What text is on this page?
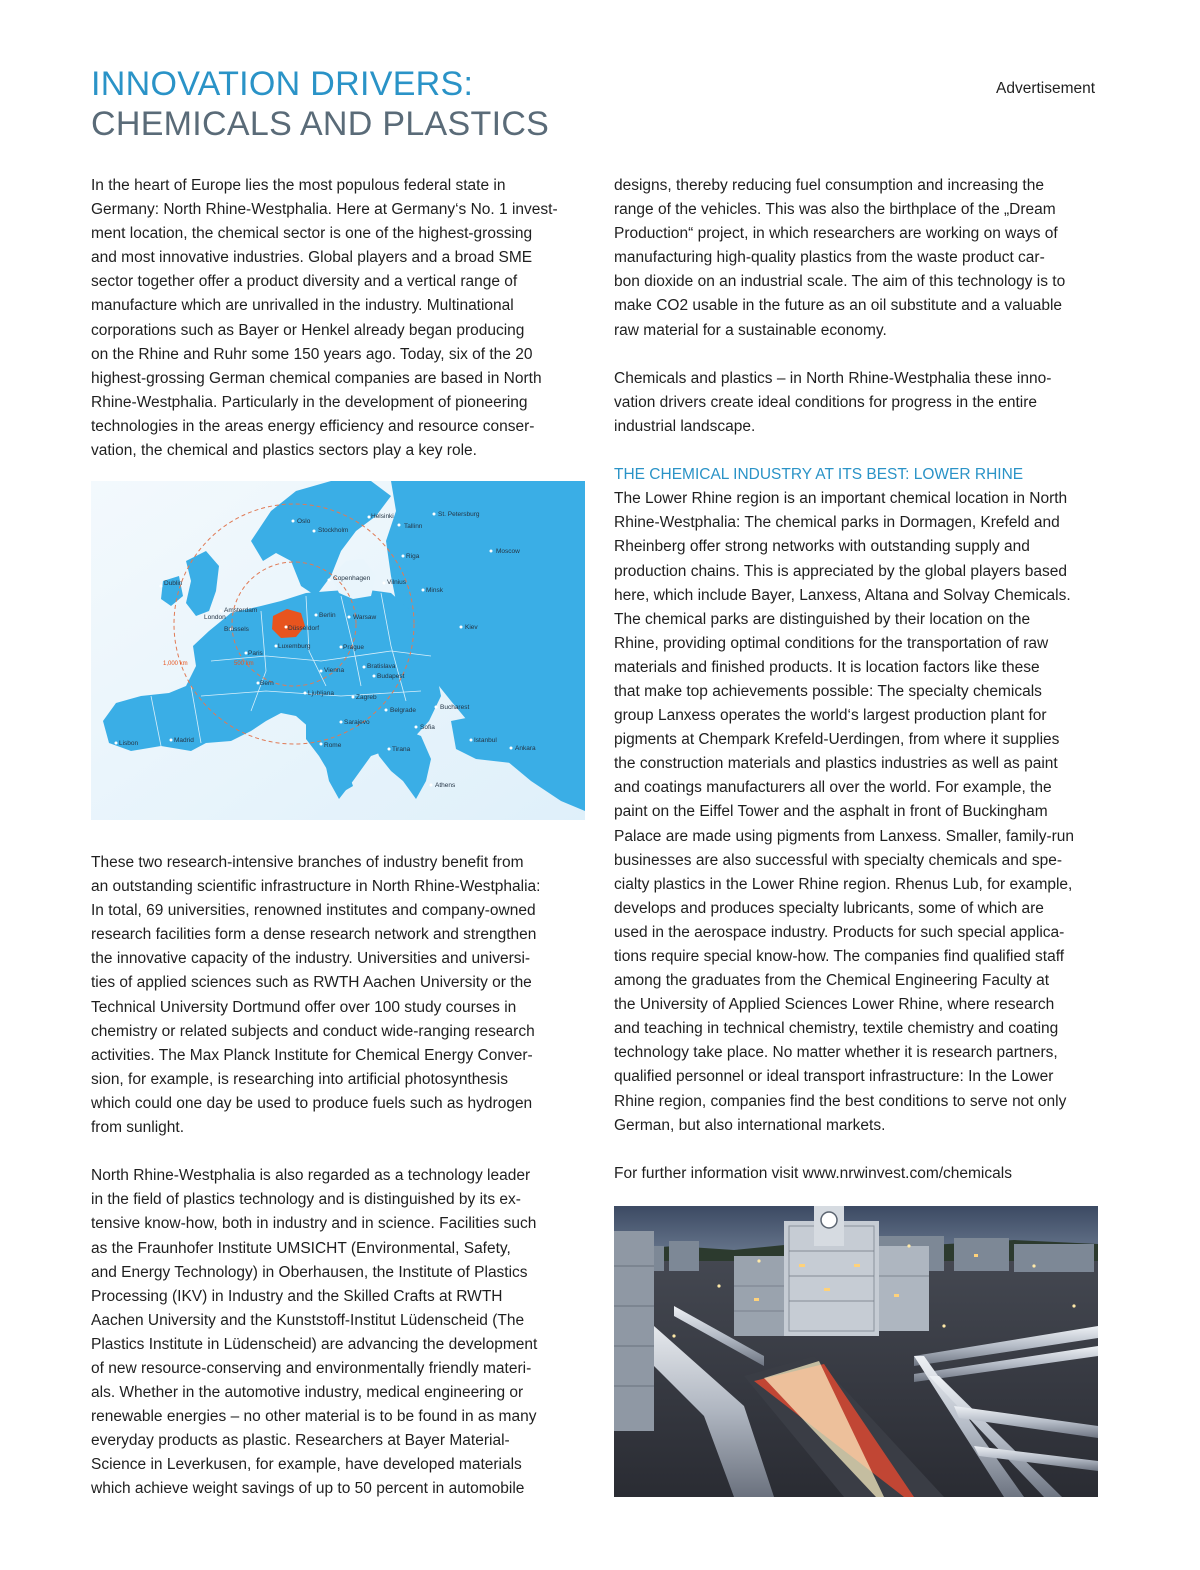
INNOVATION DRIVERS:
CHEMICALS AND PLASTICS
Advertisement

In the heart of Europe lies the most populous federal state in
Germany: North Rhine-Westphalia. Here at Germany‘s No. 1 invest-
ment location, the chemical sector is one of the highest-grossing
and most innovative industries. Global players and a broad SME
sector together offer a product diversity and a vertical range of
manufacture which are unrivalled in the industry. Multinational
corporations such as Bayer or Henkel already began producing
on the Rhine and Ruhr some 150 years ago. Today, six of the 20
highest-grossing German chemical companies are based in North
Rhine-Westphalia. Particularly in the development of pioneering
technologies in the areas energy efficiency and resource conser-
vation, the chemical and plastics sectors play a key role.

1,000 km	500 km
Oslo
Stockholm
Helsinki	St. Petersburg
Tallinn
Riga
Moscow
Copenhagen
Vilnius
Minsk
Dublin
Amsterdam
London	Berlin	Warsaw
Brussels	Düsseldorf	Kiev
Luxemburg	Prague
Paris
Vienna
Bratislava
Budapest
Bern
Ljubljana
Zagreb
Bucharest
Belgrade
Sarajevo
Sofia
Lisbon	Madrid
Rome
Istanbul
Ankara
Tirana
Athens

These two research-intensive branches of industry benefit from
an outstanding scientific infrastructure in North Rhine-Westphalia:
In total, 69 universities, renowned institutes and company-owned
research facilities form a dense research network and strengthen
the innovative capacity of the industry. Universities and universi-
ties of applied sciences such as RWTH Aachen University or the
Technical University Dortmund offer over 100 study courses in
chemistry or related subjects and conduct wide-ranging research
activities. The Max Planck Institute for Chemical Energy Conver-
sion, for example, is researching into artificial photosynthesis
which could one day be used to produce fuels such as hydrogen
from sunlight.

North Rhine-Westphalia is also regarded as a technology leader
in the field of plastics technology and is distinguished by its ex-
tensive know-how, both in industry and in science. Facilities such
as the Fraunhofer Institute UMSICHT (Environmental, Safety,
and Energy Technology) in Oberhausen, the Institute of Plastics
Processing (IKV) in Industry and the Skilled Crafts at RWTH
Aachen University and the Kunststoff-Institut Lüdenscheid (The
Plastics Institute in Lüdenscheid) are advancing the development
of new resource-conserving and environmentally friendly materi-
als. Whether in the automotive industry, medical engineering or
renewable energies – no other material is to be found in as many
everyday products as plastic. Researchers at Bayer Material-
Science in Leverkusen, for example, have developed materials
which achieve weight savings of up to 50 percent in automobile

designs, thereby reducing fuel consumption and increasing the
range of the vehicles. This was also the birthplace of the „Dream
Production“ project, in which researchers are working on ways of
manufacturing high-quality plastics from the waste product car-
bon dioxide on an industrial scale. The aim of this technology is to
make CO2 usable in the future as an oil substitute and a valuable
raw material for a sustainable economy.

Chemicals and plastics – in North Rhine-Westphalia these inno-
vation drivers create ideal conditions for progress in the entire
industrial landscape.

THE CHEMICAL INDUSTRY AT ITS BEST: LOWER RHINE

The Lower Rhine region is an important chemical location in North
Rhine-Westphalia: The chemical parks in Dormagen, Krefeld and
Rheinberg offer strong networks with outstanding supply and
production chains. This is appreciated by the global players based
here, which include Bayer, Lanxess, Altana and Solvay Chemicals.
The chemical parks are distinguished by their location on the
Rhine, providing optimal conditions for the transportation of raw
materials and finished products. It is location factors like these
that make top achievements possible: The specialty chemicals
group Lanxess operates the world‘s largest production plant for
pigments at Chempark Krefeld-Uerdingen, from where it supplies
the construction materials and plastics industries as well as paint
and coatings manufacturers all over the world. For example, the
paint on the Eiffel Tower and the asphalt in front of Buckingham
Palace are made using pigments from Lanxess. Smaller, family-run
businesses are also successful with specialty chemicals and spe-
cialty plastics in the Lower Rhine region. Rhenus Lub, for example,
develops and produces specialty lubricants, some of which are
used in the aerospace industry. Products for such special applica-
tions require special know-how. The companies find qualified staff
among the graduates from the Chemical Engineering Faculty at
the University of Applied Sciences Lower Rhine, where research
and teaching in technical chemistry, textile chemistry and coating
technology take place. No matter whether it is research partners,
qualified personnel or ideal transport infrastructure: In the Lower
Rhine region, companies find the best conditions to serve not only
German, but also international markets.

For further information visit www.nrwinvest.com/chemicals
